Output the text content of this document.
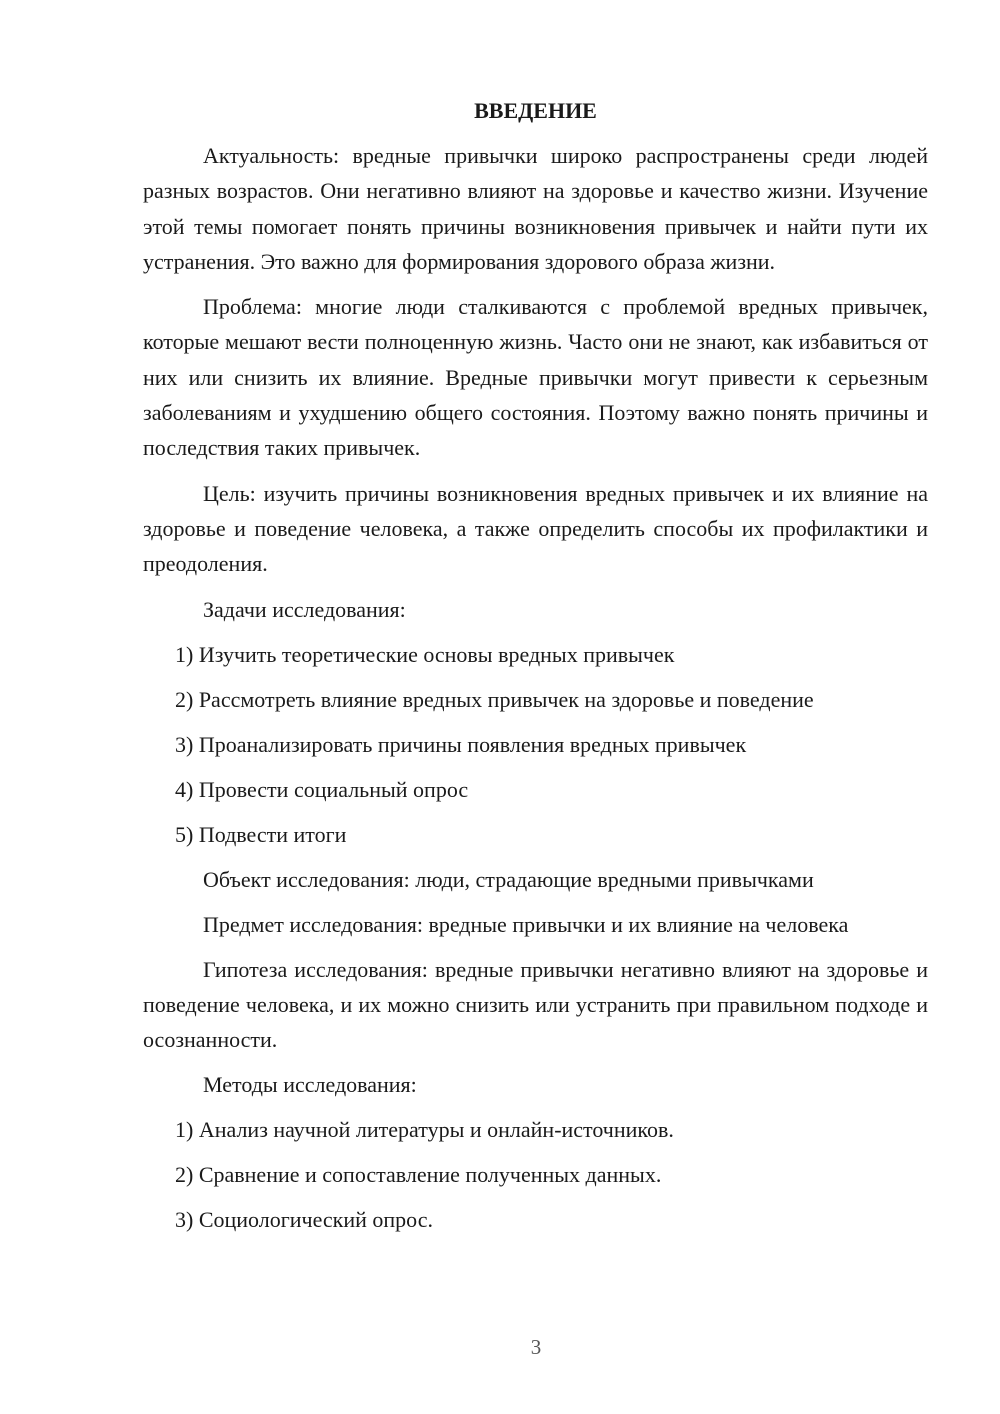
ВВЕДЕНИЕ

Актуальность: вредные привычки широко распространены среди людей разных возрастов. Они негативно влияют на здоровье и качество жизни. Изучение этой темы помогает понять причины возникновения привычек и найти пути их устранения. Это важно для формирования здорового образа жизни.

Проблема: многие люди сталкиваются с проблемой вредных привычек, которые мешают вести полноценную жизнь. Часто они не знают, как избавиться от них или снизить их влияние. Вредные привычки могут привести к серьезным заболеваниям и ухудшению общего состояния. Поэтому важно понять причины и последствия таких привычек.

Цель: изучить причины возникновения вредных привычек и их влияние на здоровье и поведение человека, а также определить способы их профилактики и преодоления.

Задачи исследования:
1) Изучить теоретические основы вредных привычек
2) Рассмотреть влияние вредных привычек на здоровье и поведение
3) Проанализировать причины появления вредных привычек
4) Провести социальный опрос
5) Подвести итоги
Объект исследования: люди, страдающие вредными привычками
Предмет исследования: вредные привычки и их влияние на человека

Гипотеза исследования: вредные привычки негативно влияют на здоровье и поведение человека, и их можно снизить или устранить при правильном подходе и осознанности.

Методы исследования:
1) Анализ научной литературы и онлайн-источников.
2) Сравнение и сопоставление полученных данных.
3) Социологический опрос.
3
